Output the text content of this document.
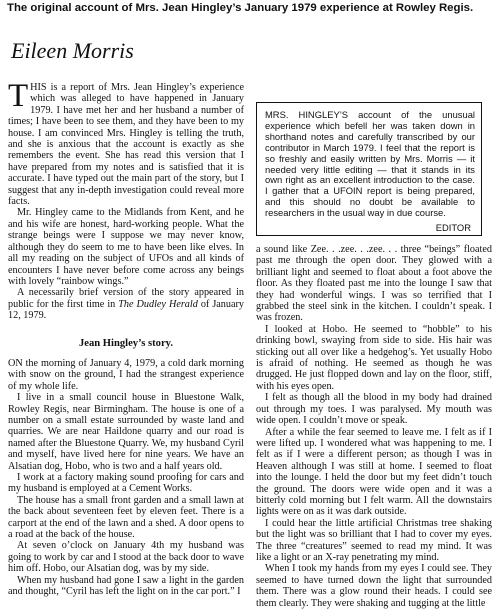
The original account of Mrs. Jean Hingley’s January 1979 experience at Rowley Regis.
Eileen Morris

THIS is a report of Mrs. Jean Hingley’s experience which was alleged to have happened in January 1979. I have met her and her husband a number of times; I have been to see them, and they have been to my house. I am convinced Mrs. Hingley is telling the truth, and she is anxious that the account is exactly as she remembers the event. She has read this version that I have prepared from my notes and is satisfied that it is accurate. I have typed out the main part of the story, but I suggest that any in-depth investigation could reveal more facts.

Mr. Hingley came to the Midlands from Kent, and he and his wife are honest, hard-working people. What the strange beings were I suppose we may never know, although they do seem to me to have been like elves. In all my reading on the subject of UFOs and all kinds of encounters I have never before come across any beings with lovely “rainbow wings.”

A necessarily brief version of the story appeared in public for the first time in The Dudley Herald of January 12, 1979.

Jean Hingley’s story.

ON the morning of January 4, 1979, a cold dark morning with snow on the ground, I had the strangest experience of my whole life.

I live in a small council house in Bluestone Walk, Rowley Regis, near Birmingham. The house is one of a number on a small estate surrounded by waste land and quarries. We are near Haildone quarry and our road is named after the Bluestone Quarry. We, my husband Cyril and myself, have lived here for nine years. We have an Alsatian dog, Hobo, who is two and a half years old.

I work at a factory making sound proofing for cars and my husband is employed at a Cement Works.

The house has a small front garden and a small lawn at the back about seventeen feet by eleven feet. There is a carport at the end of the lawn and a shed. A door opens to a road at the back of the house.

At seven o’clock on January 4th my husband was going to work by car and I stood at the back door to wave him off. Hobo, our Alsatian dog, was by my side.

When my husband had gone I saw a light in the garden and thought, “Cyril has left the light on in the car port.” I

MRS. HINGLEY’S account of the unusual experience which befell her was taken down in shorthand notes and carefully transcribed by our contributor in March 1979. I feel that the report is so freshly and easily written by Mrs. Morris — it needed very little editing — that it stands in its own right as an excellent introduction to the case. I gather that a UFOIN report is being prepared, and this should no doubt be available to researchers in the usual way in due course.

EDITOR

a sound like Zee. . .zee. . .zee. . . three “beings” floated past me through the open door. They glowed with a brilliant light and seemed to float about a foot above the floor. As they floated past me into the lounge I saw that they had wonderful wings. I was so terrified that I grabbed the steel sink in the kitchen. I couldn’t speak. I was frozen.

I looked at Hobo. He seemed to “hobble” to his drinking bowl, swaying from side to side. His hair was sticking out all over like a hedgehog’s. Yet usually Hobo is afraid of nothing. He seemed as though he was drugged. He just flopped down and lay on the floor, stiff, with his eyes open.

I felt as though all the blood in my body had drained out through my toes. I was paralysed. My mouth was wide open. I couldn’t move or speak.

After a while the fear seemed to leave me. I felt as if I were lifted up. I wondered what was happening to me. I felt as if I were a different person; as though I was in Heaven although I was still at home. I seemed to float into the lounge. I held the door but my feet didn’t touch the ground. The doors were wide open and it was a bitterly cold morning but I felt warm. All the downstairs lights were on as it was dark outside.

I could hear the little artificial Christmas tree shaking but the light was so brilliant that I had to cover my eyes. The three “creatures” seemed to read my mind. It was like a light or an X-ray penetrating my mind.

When I took my hands from my eyes I could see. They seemed to have turned down the light that surrounded them. There was a glow round their heads. I could see them clearly. They were shaking and tugging at the little
